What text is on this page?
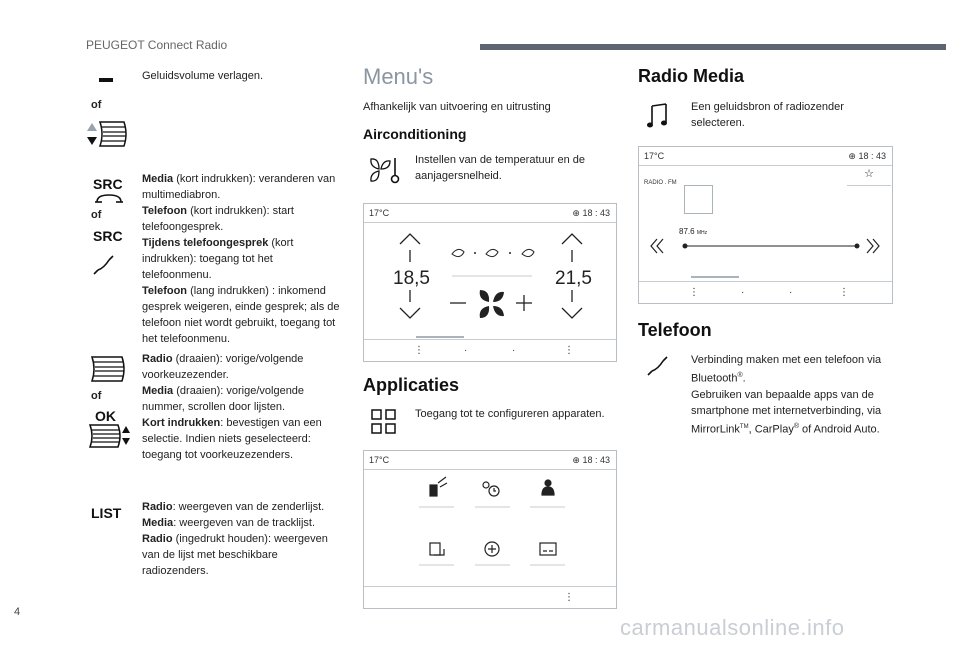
PEUGEOT Connect Radio
of
Geluidsvolume verlagen.
SRC
of
SRC
Media (kort indrukken): veranderen van multimediabron.
Telefoon (kort indrukken): start telefoongesprek.
Tijdens telefoongesprek (kort indrukken): toegang tot het telefoonmenu.
Telefoon (lang indrukken) : inkomend gesprek weigeren, einde gesprek; als de telefoon niet wordt gebruikt, toegang tot het telefoonmenu.
of
OK
Radio (draaien): vorige/volgende voorkeuzezender.
Media (draaien): vorige/volgende nummer, scrollen door lijsten.
Kort indrukken: bevestigen van een selectie. Indien niets geselecteerd: toegang tot voorkeuzezenders.
LIST Radio: weergeven van de zenderlijst.
Media: weergeven van de tracklijst.
Radio (ingedrukt houden): weergeven van de lijst met beschikbare radiozenders.
Menu's
Afhankelijk van uitvoering en uitrusting
Airconditioning
Instellen van de temperatuur en de aanjagersnelheid.
17°C	⊕ 18 : 43
18,5	21,5
⋮	·	·	⋮
Applicaties
Toegang tot te configureren apparaten.
17°C	⊕ 18 : 43
⋮
Radio Media
Een geluidsbron of radiozender selecteren.
17°C	⊕ 18 : 43
RADIO . FM
☆
87.6 MHz
⋮	·	·	⋮
Telefoon
Verbinding maken met een telefoon via Bluetooth®.
Gebruiken van bepaalde apps van de smartphone met internetverbinding, via MirrorLink™, CarPlay® of Android Auto.
4
carmanualsonline.info
